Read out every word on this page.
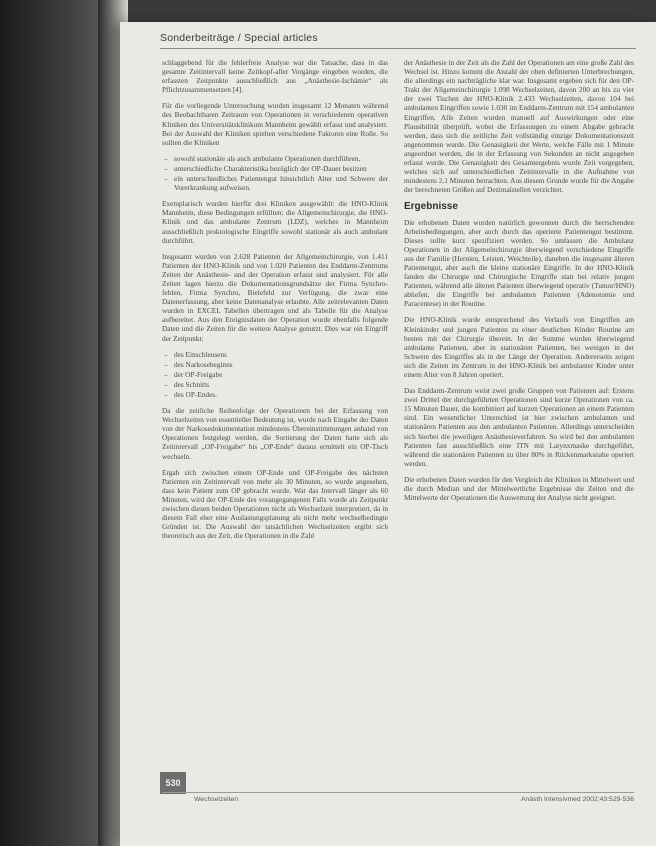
Sonderbeiträge / Special articles

schlaggebend für die fehlerfreie Analyse war die Tatsache, dass in das gesamte Zeitintervall keine Zeitkopf-aller Vorgänge eingeben worden, die erfassten Zeitpunkte ausschließlich aus „Anästhesie-Ischämie“ als Pflichtzusammensetzen [4].

Für die vorliegende Untersuchung wurden insgesamt 12 Monaten während des Beobachtbaren Zeitraum von Operationen in verschiedenen operativen Kliniken des Universitätsklinikum Mannheim gewählt erfasst und analysiert. Bei der Auswahl der Kliniken spielten verschiedene Faktoren eine Rolle. So sollten die Kliniken

– sowohl stationäre als auch ambulante Operationen durchführen,
– unterschiedliche Charakteristika bezüglich der OP-Dauer besitzen
– ein unterschiedliches Patientengut hinsichtlich Alter und Schwere der Vorerkrankung aufweisen.

Exemplarisch wurden hierfür drei Kliniken ausgewählt: die HNO-Klinik Mannheim, diese Bedingungen erfüllten: die Allgemeinchirurgie, die HNO-Klinik und das ambulante Zentrum (LDZ), welches in Mannheim ausschließlich proktologische Eingriffe sowohl stationär als auch ambulant durchführt.

Insgesamt wurden von 2.628 Patienten der Allgemeinchirurgie, von 1.411 Patienten der HNO-Klinik und von 1.020 Patienten des Enddarm-Zentrums Zeiten der Anästhesie- und der Operation erfasst und analysiert. Für alle Zeiten lagen hierzu die Dokumentationsgrundsätze der Firma Synchro-fehlen, Firma Synchro, Bielefeld zur Verfügung, die zwar eine Datenerfassung, aber keine Datenanalyse erlaubte. Alle zeitrelevanten Daten wurden in EXCEL Tabellen übertragen und als Tabelle für die Analyse aufbereitet. Aus den Ereignisdaten der Operation wurde ebenfalls folgende Daten und die Zeiten für die weitere Analyse genutzt. Dies war ein Eingriff der Zeitpunkt:

– des Einschleusens
– des Narkosebeginns
– der OP-Freigabe
– des Schnitts
– des OP-Endes.

Da die zeitliche Reihenfolge der Operationen bei der Erfassung von Wechselzeiten von essentieller Bedeutung ist, wurde nach Eingabe der Daten von der Narkosedokumentation mindestens Übereinstimmungen anhand von Operationen festgelegt werden, die Sortierung der Daten hatte sich als Zeitintervall „OP-Freigabe“ bis „OP-Ende“ daraus ermittelt ein OP-Tisch wechseln.

Ergab sich zwischen einem OP-Ende und OP-Freigabe des nächsten Patienten ein Zeitintervall von mehr als 30 Minuten, so wurde angesehen, dass kein Patient zum OP gebracht wurde. War das Intervall länger als 60 Minuten, wird der OP-Ende des vorangegangenen Falls wurde als Zeitpunkt zwischen diesen beiden Operationen nicht als Wechselzeit interpretiert, da in diesem Fall eher eine Auslastungsplanung als nicht mehr wechselbedingte Gründen ist. Die Auswahl der tatsächlichen Wechselzeiten ergibt sich theoretisch aus der Zeit, die Operationen in die Zahl

der Anästhesie in der Zeit als die Zahl der Operationen am eine große Zahl des Wechsel ist. Hinzu kommt die Anzahl der oben definierten Unterbrechungen, die allerdings ein nachträgliche klar war. Insgesamt ergeben sich für den OP-Trakt der Allgemeinchirurgie 1.098 Wechselzeiten, davon 200 an bis zu vier der zwei Tischen der HNO-Klinik 2.433 Wechselzeiten, davon 104 bei ambulanten Eingriffen sowie 1.030 im Enddarm-Zentrum mit 154 ambulanten Eingriffen. Alle Zeiten wurden manuell auf Auswirkungen oder eine Plausibilität überprüft, wobei die Erfassungen zu einem Abgabe gebracht werden, dass sich die zeitliche Zeit vollständig einzige Dokumentationszeit angenommen wurde. Die Genauigkeit der Werte, welche Fälle mit 1 Minute angeordnet werden, die in der Erfassung von Sekunden an nicht angegeben erfasst wurde. Die Genauigkeit des Gesamtergebnis wurde Zeit vorgegeben, welches sich auf unterschiedlichen Zeitintervalle in die Aufnahme von mindestens 2,1 Minuten betrachten. Aus diesem Grunde wurde für die Angabe der berechneten Größen auf Dezimalstellen verzichtet.

Ergebnisse

Die erhobenen Daten wurden natürlich gewonnen durch die herrschenden Arbeitsbedingungen, aber auch durch das operierte Patientengut bestimmt. Dieses sollte kurz spezifiziert werden. So umfassen die Ambulanz Operationen in der Allgemeinchirurgie überwiegend verschiedene Eingriffe aus der Familie (Hernien, Leisten, Weichteile), daneben die insgesamt älteren Patientengut, aber auch die kleine stationäre Eingriffe. In der HNO-Klinik fanden die Chirurgie und Chirurgische Eingriffe statt bei relativ jungen Patienten, während alle älteren Patienten überwiegend operativ (Tumor/HNO) abliefen, die Eingriffe bei ambulanten Patienten (Adenotomie und Paracentese) in der Routine.

Die HNO-Klinik wurde entsprechend des Verlaufs von Eingriffen am Kleinkinder und jungen Patienten zu einer deutlichen Kinder Routine am besten mit der Chirurgie überein. In der Summe wurden überwiegend ambulante Patienten, aber in stationären Patienten, bei wenigen in der Schwere des Eingriffes als in der Länge der Operation. Andererseits zeigen sich die Zeiten im Zentrum in der HNO-Klinik bei ambulanter Kinder unter einem Alter von 8 Jahren operiert.

Das Enddarm-Zentrum weist zwei große Gruppen von Patienten auf: Erstens zwei Drittel der durchgeführten Operationen sind kurze Operationen von ca. 15 Minuten Dauer, die kombiniert auf kurzen Operationen an einem Patienten sind. Ein wesentlicher Unterschied ist hier zwischen ambulanten und stationären Patienten aus den ambulanten Patienten. Allerdings unterscheiden sich hierbei die jeweiligen Anästhesieverfahren. So wird bei den ambulanten Patienten fast ausschließlich eine ITN mit Larynxmaske durchgeführt, während die stationären Patienten zu über 80% in Rückenmarksnahe operiert werden.

Die erhobenen Daten wurden für den Vergleich der Kliniken in Mittelwert und die durch Median und der Mittelwertliche Ergebnisse die Zeiten und die Mittelwerte der Operationen die Auswertung der Analyse nicht geeignet.

530
Wechselzeiten	Anästh Intensivmed 2002;43:529-536
